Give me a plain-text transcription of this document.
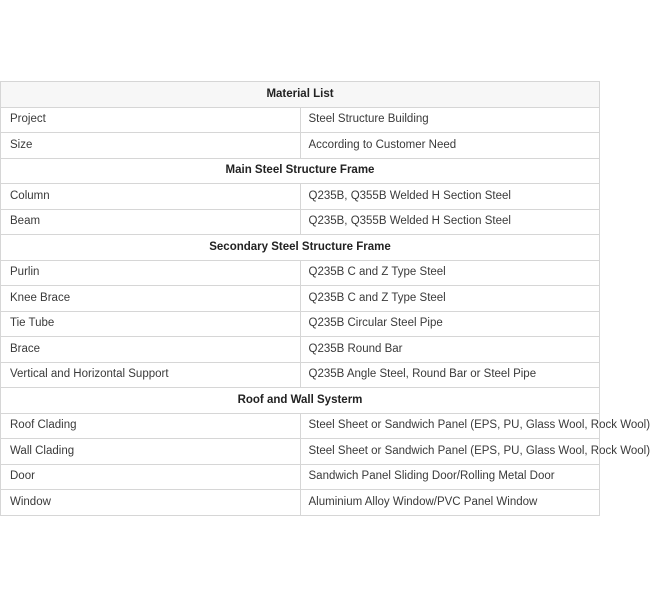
Material List	
Project	Steel Structure Building
Size	According to Customer Need
Main Steel Structure Frame	
Column	Q235B, Q355B Welded H Section Steel
Beam	Q235B, Q355B Welded H Section Steel
Secondary Steel Structure Frame	
Purlin	Q235B C and Z Type Steel
Knee Brace	Q235B C and Z Type Steel
Tie Tube	Q235B Circular Steel Pipe
Brace	Q235B Round Bar
Vertical and Horizontal Support	Q235B Angle Steel, Round Bar or Steel Pipe
Roof and Wall Systerm	
Roof Clading	Steel Sheet or Sandwich Panel (EPS, PU, Glass Wool, Rock Wool)
Wall Clading	Steel Sheet or Sandwich Panel (EPS, PU, Glass Wool, Rock Wool)
Door	Sandwich Panel Sliding Door/Rolling Metal Door
Window	Aluminium Alloy Window/PVC Panel Window
